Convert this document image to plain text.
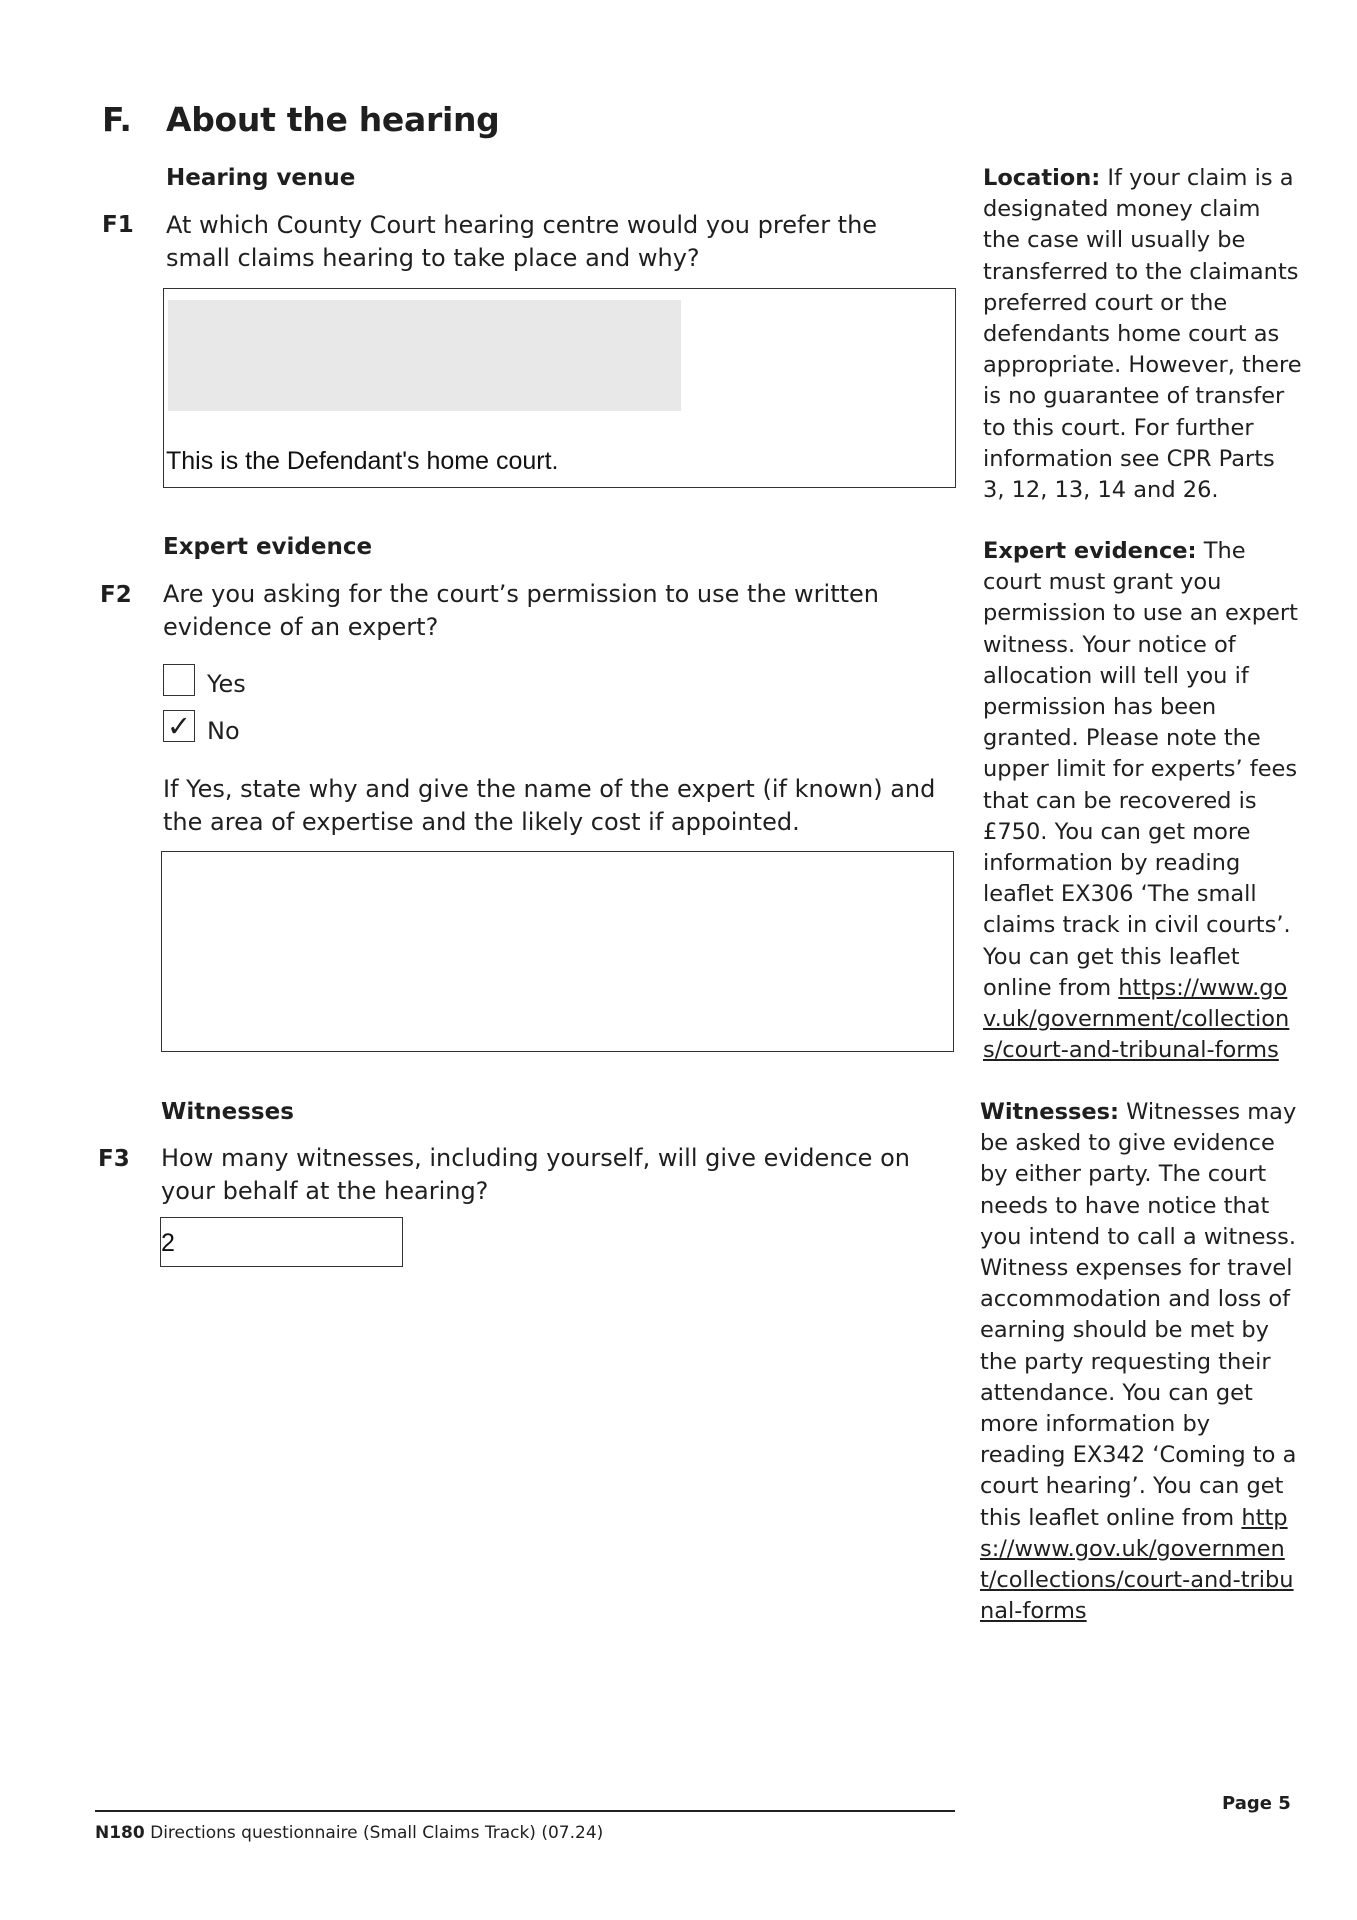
F. About the hearing
Hearing venue
F1 At which County Court hearing centre would you prefer the small claims hearing to take place and why?
This is the Defendant's home court.
Expert evidence
F2 Are you asking for the court’s permission to use the written evidence of an expert?
Yes
✓ No
If Yes, state why and give the name of the expert (if known) and the area of expertise and the likely cost if appointed.
Witnesses
F3 How many witnesses, including yourself, will give evidence on your behalf at the hearing?
2
Location: If your claim is a designated money claim the case will usually be transferred to the claimants preferred court or the defendants home court as appropriate. However, there is no guarantee of transfer to this court. For further information see CPR Parts 3, 12, 13, 14 and 26.
Expert evidence: The court must grant you permission to use an expert witness. Your notice of allocation will tell you if permission has been granted. Please note the upper limit for experts’ fees that can be recovered is £750. You can get more information by reading leaflet EX306 ‘The small claims track in civil courts’. You can get this leaflet online from https://www.gov.uk/government/collections/court-and-tribunal-forms
Witnesses: Witnesses may be asked to give evidence by either party. The court needs to have notice that you intend to call a witness. Witness expenses for travel accommodation and loss of earning should be met by the party requesting their attendance. You can get more information by reading EX342 ‘Coming to a court hearing’. You can get this leaflet online from https://www.gov.uk/government/collections/court-and-tribunal-forms
Page 5
N180 Directions questionnaire (Small Claims Track) (07.24)
